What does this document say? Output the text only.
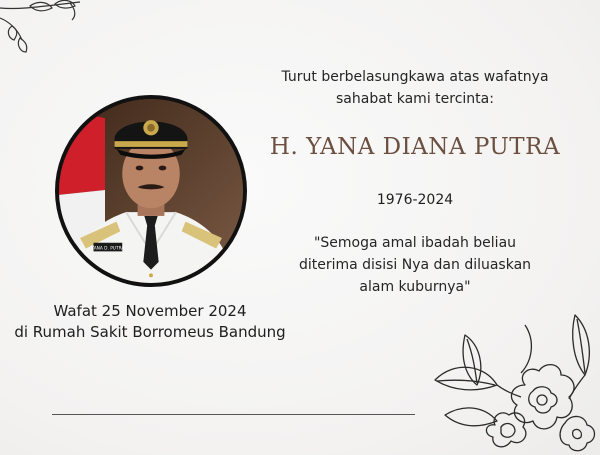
YANA D. PUTRA
Wafat 25 November 2024
di Rumah Sakit Borromeus Bandung
Turut berbelasungkawa atas wafatnya
sahabat kami tercinta:
H. YANA DIANA PUTRA
1976-2024
"Semoga amal ibadah beliau
diterima disisi Nya dan diluaskan
alam kuburnya"
